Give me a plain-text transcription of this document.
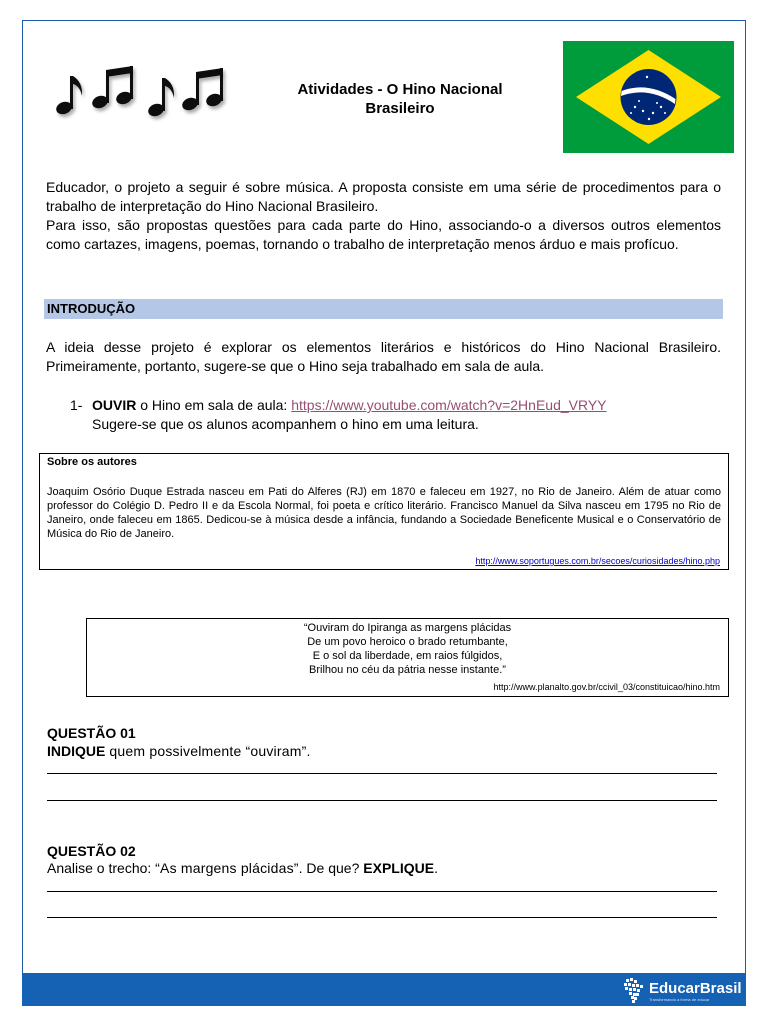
Atividades - O Hino Nacional
Brasileiro

Educador, o projeto a seguir é sobre música. A proposta consiste em uma série de procedimentos para o trabalho de interpretação do Hino Nacional Brasileiro.

Para isso, são propostas questões para cada parte do Hino, associando-o a diversos outros elementos como cartazes, imagens, poemas, tornando o trabalho de interpretação menos árduo e mais profícuo.

INTRODUÇÃO

A ideia desse projeto é explorar os elementos literários e históricos do Hino Nacional Brasileiro. Primeiramente, portanto, sugere-se que o Hino seja trabalhado em sala de aula.

1- OUVIR o Hino em sala de aula: https://www.youtube.com/watch?v=2HnEud_VRYY
Sugere-se que os alunos acompanhem o hino em uma leitura.
Sobre os autores

Joaquim Osório Duque Estrada nasceu em Pati do Alferes (RJ) em 1870 e faleceu em 1927, no Rio de Janeiro. Além de atuar como professor do Colégio D. Pedro II e da Escola Normal, foi poeta e crítico literário. Francisco Manuel da Silva nasceu em 1795 no Rio de Janeiro, onde faleceu em 1865. Dedicou-se à música desde a infância, fundando a Sociedade Beneficente Musical e o Conservatório de Música do Rio de Janeiro.

http://www.soportugues.com.br/secoes/curiosidades/hino.php
“Ouviram do Ipiranga as margens plácidas
De um povo heroico o brado retumbante,
E o sol da liberdade, em raios fúlgidos,
Brilhou no céu da pátria nesse instante.”
http://www.planalto.gov.br/ccivil_03/constituicao/hino.htm
QUESTÃO 01
INDIQUE quem possivelmente “ouviram”.
QUESTÃO 02
Analise o trecho: “As margens plácidas”. De que? EXPLIQUE.
EducarBrasil
Transformando a forma de educar
